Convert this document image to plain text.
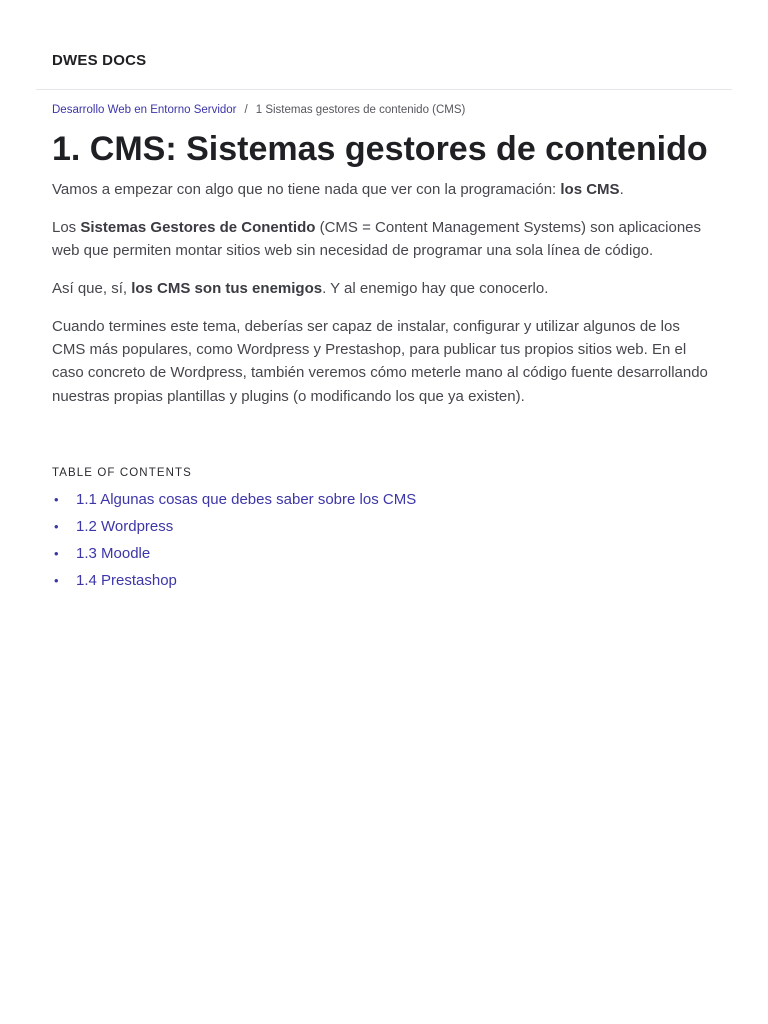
DWES DOCS
Desarrollo Web en Entorno Servidor / 1 Sistemas gestores de contenido (CMS)
1. CMS: Sistemas gestores de contenido

Vamos a empezar con algo que no tiene nada que ver con la programación: los CMS.

Los Sistemas Gestores de Conentido (CMS = Content Management Systems) son aplicaciones web que permiten montar sitios web sin necesidad de programar una sola línea de código.

Así que, sí, los CMS son tus enemigos. Y al enemigo hay que conocerlo.

Cuando termines este tema, deberías ser capaz de instalar, configurar y utilizar algunos de los CMS más populares, como Wordpress y Prestashop, para publicar tus propios sitios web. En el caso concreto de Wordpress, también veremos cómo meterle mano al código fuente desarrollando nuestras propias plantillas y plugins (o modificando los que ya existen).

TABLE OF CONTENTS
• 1.1 Algunas cosas que debes saber sobre los CMS
• 1.2 Wordpress
• 1.3 Moodle
• 1.4 Prestashop
